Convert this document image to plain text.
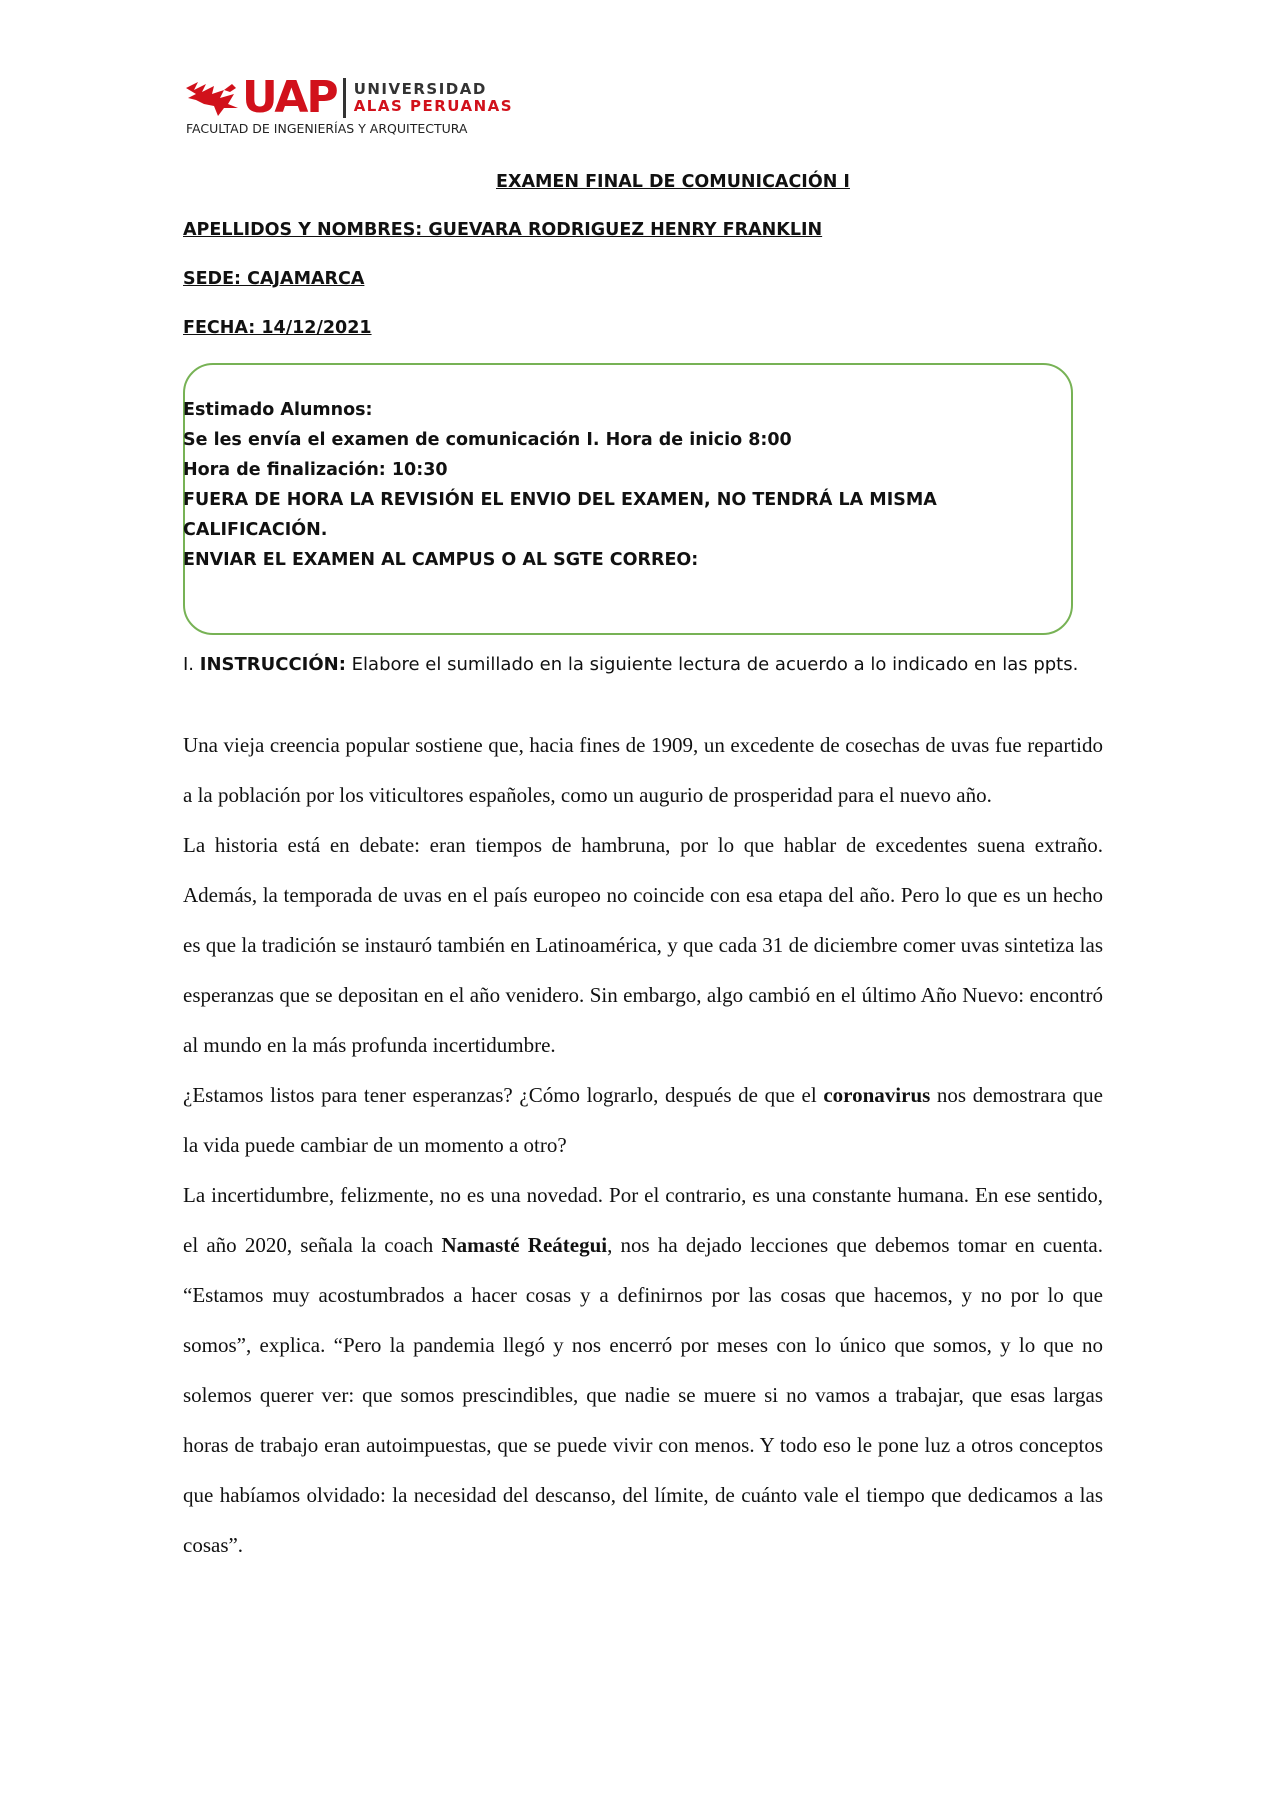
UAP UNIVERSIDAD
ALAS PERUANAS
FACULTAD DE INGENIERÍAS Y ARQUITECTURA
EXAMEN FINAL DE COMUNICACIÓN I
APELLIDOS Y NOMBRES: GUEVARA RODRIGUEZ HENRY FRANKLIN
SEDE: CAJAMARCA
FECHA: 14/12/2021
Estimado Alumnos:
Se les envía el examen de comunicación I. Hora de inicio 8:00
Hora de finalización: 10:30
FUERA DE HORA LA REVISIÓN EL ENVIO DEL EXAMEN, NO TENDRÁ LA MISMA
CALIFICACIÓN.
ENVIAR EL EXAMEN AL CAMPUS O AL SGTE CORREO:
I. INSTRUCCIÓN: Elabore el sumillado en la siguiente lectura de acuerdo a lo indicado en las ppts.

Una vieja creencia popular sostiene que, hacia fines de 1909, un excedente de cosechas de uvas fue repartido a la población por los viticultores españoles, como un augurio de prosperidad para el nuevo año.

La historia está en debate: eran tiempos de hambruna, por lo que hablar de excedentes suena extraño. Además, la temporada de uvas en el país europeo no coincide con esa etapa del año. Pero lo que es un hecho es que la tradición se instauró también en Latinoamérica, y que cada 31 de diciembre comer uvas sintetiza las esperanzas que se depositan en el año venidero. Sin embargo, algo cambió en el último Año Nuevo: encontró al mundo en la más profunda incertidumbre.

¿Estamos listos para tener esperanzas? ¿Cómo lograrlo, después de que el coronavirus nos demostrara que la vida puede cambiar de un momento a otro?

La incertidumbre, felizmente, no es una novedad. Por el contrario, es una constante humana. En ese sentido, el año 2020, señala la coach Namasté Reátegui, nos ha dejado lecciones que debemos tomar en cuenta. “Estamos muy acostumbrados a hacer cosas y a definirnos por las cosas que hacemos, y no por lo que somos”, explica. “Pero la pandemia llegó y nos encerró por meses con lo único que somos, y lo que no solemos querer ver: que somos prescindibles, que nadie se muere si no vamos a trabajar, que esas largas horas de trabajo eran autoimpuestas, que se puede vivir con menos. Y todo eso le pone luz a otros conceptos que habíamos olvidado: la necesidad del descanso, del límite, de cuánto vale el tiempo que dedicamos a las cosas”.
